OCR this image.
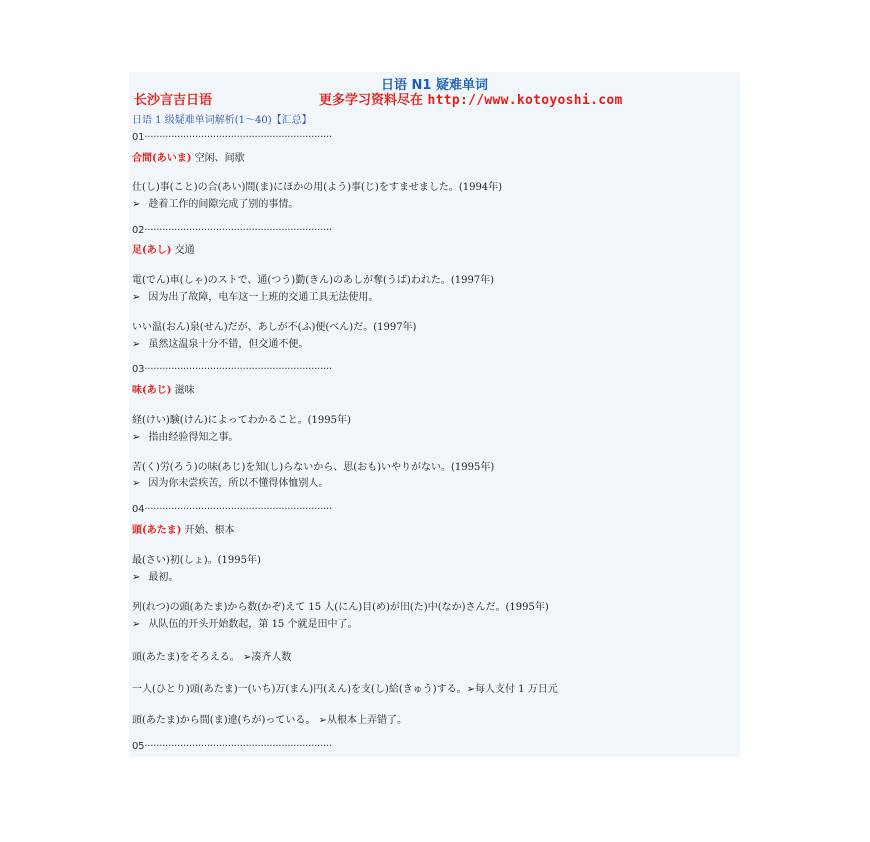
日语 N1 疑难单词
长沙言吉日语	更多学习资料尽在 http://www.kotoyoshi.com
日语 1 级疑难单词解析(1～40)【汇总】
01·······························································
合間(あいま) 空闲、间歇
仕(し)事(こと)の合(あい)間(ま)にほかの用(よう)事(じ)をすませました。(1994年)
➢ 趁着工作的间隙完成了别的事情。
02·······························································
足(あし) 交通
電(でん)車(しゃ)のストで、通(つう)勤(きん)のあしが奪(うば)われた。(1997年)
➢ 因为出了故障，电车这一上班的交通工具无法使用。
いい温(おん)泉(せん)だが、あしが不(ふ)便(べん)だ。(1997年)
➢ 虽然这温泉十分不错，但交通不便。
03·······························································
味(あじ) 滋味
経(けい)験(けん)によってわかること。(1995年)
➢ 指由经验得知之事。
苦(く)労(ろう)の味(あじ)を知(し)らないから、思(おも)いやりがない。(1995年)
➢ 因为你未尝疾苦，所以不懂得体恤别人。
04·······························································
頭(あたま) 开始、根本
最(さい)初(しょ)。(1995年)
➢ 最初。
列(れつ)の頭(あたま)から数(かぞ)えて 15 人(にん)目(め)が田(た)中(なか)さんだ。(1995年)
➢ 从队伍的开头开始数起，第 15 个就是田中了。
頭(あたま)をそろえる。 ➢凑齐人数
一人(ひとり)頭(あたま)一(いち)万(まん)円(えん)を支(し)給(きゅう)する。➢每人支付 1 万日元
頭(あたま)から間(ま)違(ちが)っている。 ➢从根本上弄错了。
05·······························································
